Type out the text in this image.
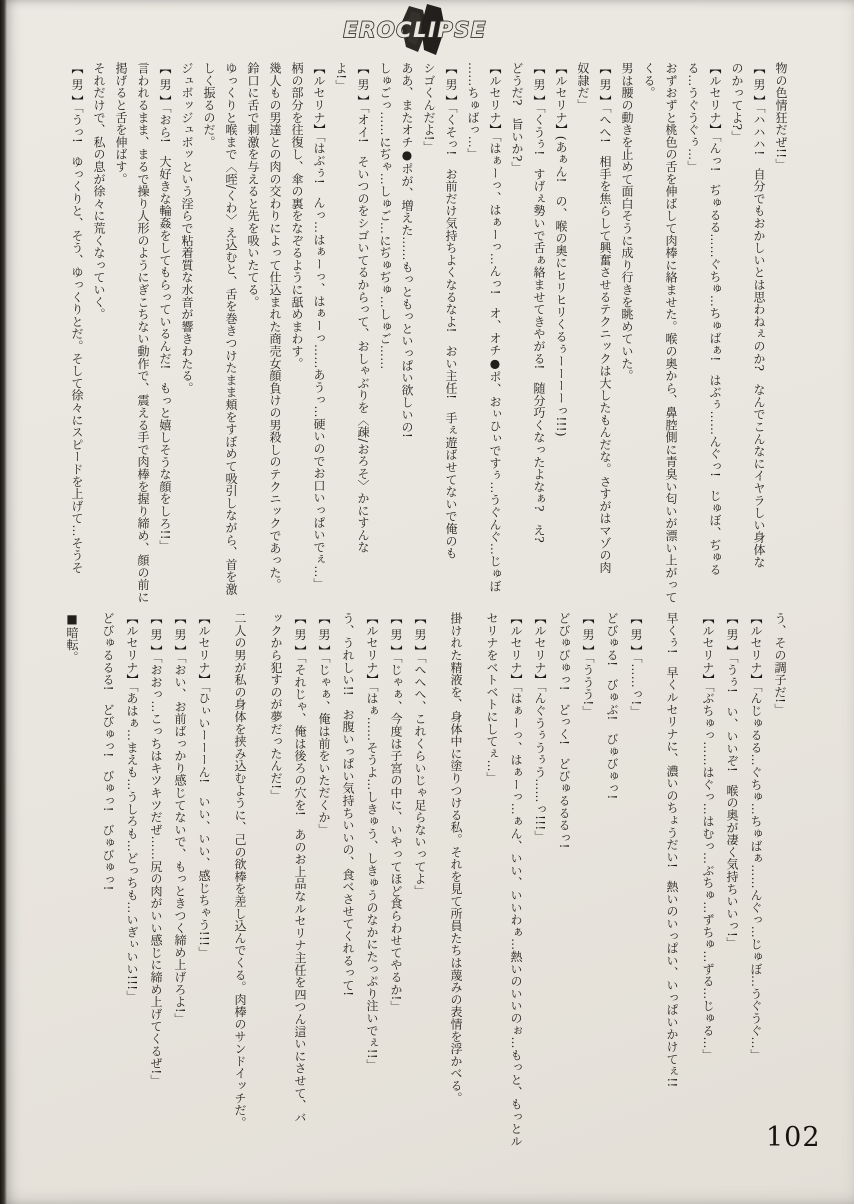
EROCLIPSE

物の色情狂だぜ!!」

【 男 】「ハハハ!　自分でもおかしいとは思わねぇのか?　なんでこんなにイヤラしい身体な

のかってよ?」

【ルセリナ】「んっ!　ぢゅるる……ぐちゅ…ちゅばぁ!　はぶぅ……んぐっ!　じゅぼ、ぢゅる

る…うぐうぐぅ…」

おずおずと桃色の舌を伸ばして肉棒に絡ませた。喉の奥から、鼻腔側に青臭い匂いが漂い上がって

くる。

男は腰の動きを止めて面白そうに成り行きを眺めていた。

【 男 】「へへ!　相手を焦らして興奮させるテクニックは大したもんだな。さすがはマゾの肉

奴隷だ」

【ルセリナ】(あぁん!　の、喉の奥にヒリヒリくるぅーーーーっ!!!)

【 男 】「くうぅ!　すげぇ勢いで舌ぁ絡ませてきやがる!　随分巧くなったよなぁ?　え?

どうだ?　旨いか?」

【ルセリナ】「はぁーっ、はぁーっ…んっ!　オ、オチ●ポ、おぃひぃですぅ…うぐんぐ…じゅぼ

……ちゅばっ…」

【 男 】「くそっ!　お前だけ気持ちよくなるなよ!　おい主任!　手ぇ遊ばせてないで俺のも

シゴくんだよ!」

ああ、またオチ●ポが、増えた……もっともっといっぱい欲しいの!

しゅごっ……にぢゃ…しゅご…にぢゅぢゅ…しゅご……

【 男 】「オイ!　そいつのをシゴいてるからって、おしゃぶりを〈疎/おろそ〉かにすんな

よ!」

【ルセリナ】「はぶぅ!　んっ…はぁーっ、はぁーっ……あうっ…硬いのでお口いっぱいでぇ…」

柄の部分を往復し、傘の裏をなぞるように舐めまわす。

幾人もの男達との肉の交わりによって仕込まれた商売女顔負けの男殺しのテクニックであった。

鈴口に舌で刺激を与えると先を吸いたてる。

ゆっくりと喉まで〈咥/くわ〉え込むと、舌を巻きつけたまま頬をすぼめて吸引しながら、首を激

しく振るのだ。

ジュボッジュボッという淫らで粘着質な水音が響きわたる。

【 男 】「おら!　大好きな輪姦をしてもらっているんだ!　もっと嬉しそうな顔をしろ!!」

言われるまま、まるで操り人形のようにぎこちない動作で、震える手で肉棒を握り締め、顔の前に

掲げると舌を伸ばす。

それだけで、私の息が徐々に荒くなっていく。

【 男 】「うっ!　ゆっくりと、そう、ゆっくりとだ。そして徐々にスピードを上げて…そうそ

う、その調子だ!」

【ルセリナ】「んじゅるる…ぐちゅ…ちゅばぁ……んぐっ…じゅぼ…うぐうぐ…」

【 男 】「うぅ!　い、いいぞ!　喉の奥が凄く気持ちいいっ!」

【ルセリナ】「ぶちゅっ……はぐっ…はむっ…ぶちゅ…ずちゅ…ずる…じゅる…」

早くぅ!　早くルセリナに、濃いのちょうだい!　熱いのいっぱい、いっぱいかけてぇ!!

【 男 】「……っ!」

どびゅる!　びゅぶ!　びゅびゅっ!

【 男 】「ううう!」

どびゅびゅっ!　どっく!　どびゅるるるっ!

【ルセリナ】「んぐうぅうぅう……っ!!!」

【ルセリナ】「はぁーっ、はぁーっ…ぁん、いい、いいわぁ…熱いのいいのぉ…もっと、もっとル

セリナをベトベトにしてぇ…」

掛けれた精液を、身体中に塗りつける私。それを見て所員たちは蔑みの表情を浮かべる。

【 男 】「へへへ、これくらいじゃ足らないってよ」

【 男 】「じゃぁ、今度は子宮の中に、いやってほど食らわせてやるか!」

【ルセリナ】「はぁ……そうよ…しきゅう、しきゅうのなかにたっぷり注いでぇ!!」

う、うれしい!!　お腹いっぱい気持ちいいの、食べさせてくれるって!

【 男 】「じゃぁ、俺は前をいただくか」

【 男 】「それじゃ、俺は後ろの穴を!　あのお上品なルセリナ主任を四つん這いにさせて、バ

ックから犯すのが夢だったんだ!」

二人の男が私の身体を挟み込むように、己の欲棒を差し込んでくる。肉棒のサンドイッチだ。

【ルセリナ】「ひぃいーーーん!　いい、いい、感じちゃう!!!」

【 男 】「おい、お前ばっかり感じてないで、もっときつく締め上げろよ!」

【 男 】「おおっ…こっちはキツキツだぜ……尻の肉がいい感じに締め上げてくるぜ!」

【ルセリナ】「あはぁ…まえも…うしろも…どっちも…いぎぃいい!!!」

どびゅるるる!　どびゅっ!　びゅっ!　びゅびゅっ!

■暗転。

102
